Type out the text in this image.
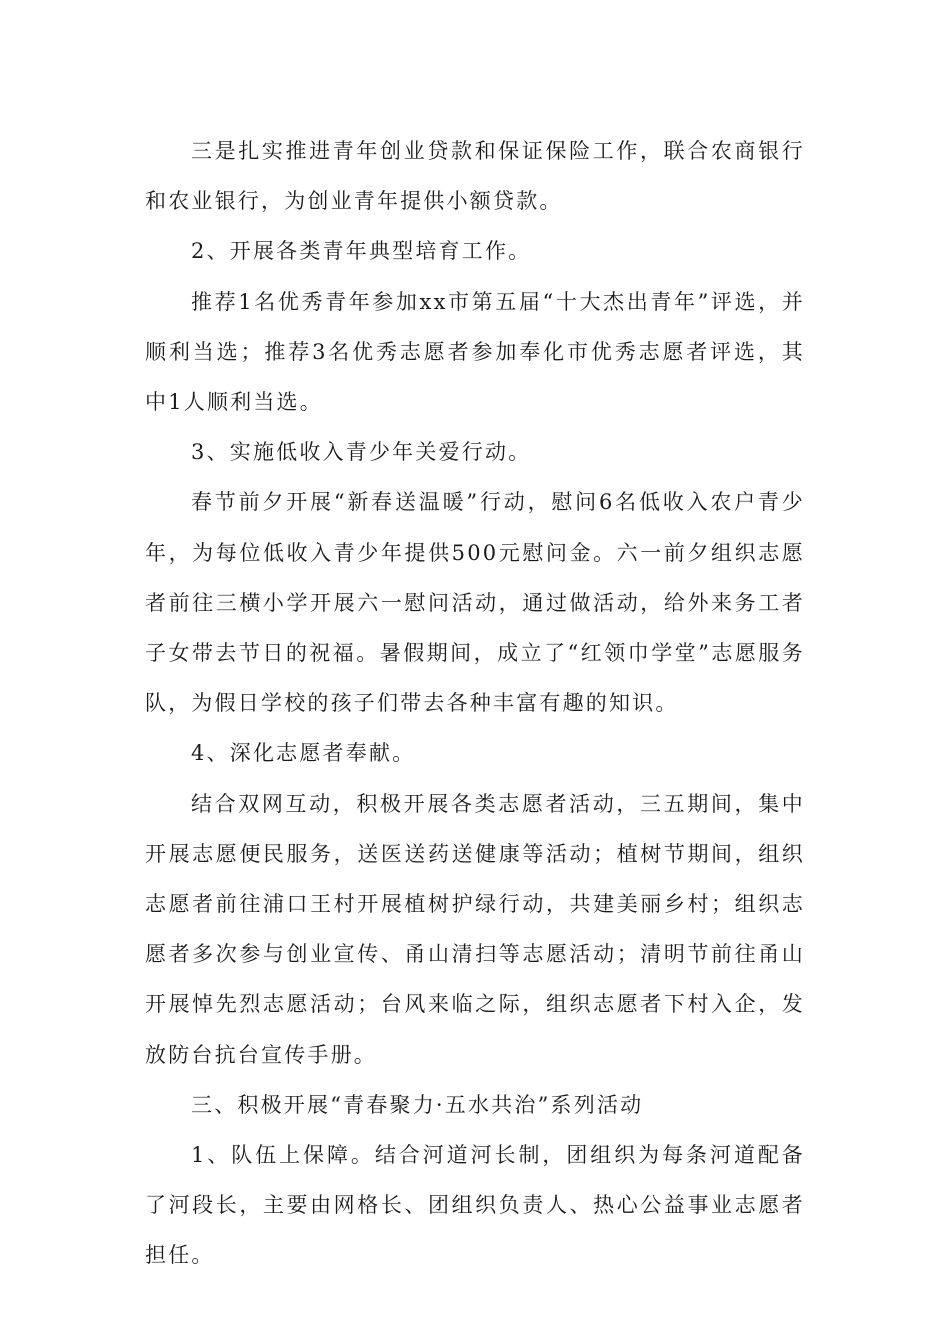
三是扎实推进青年创业贷款和保证保险工作，联合农商银行和农业银行，为创业青年提供小额贷款。

2、开展各类青年典型培育工作。

推荐1名优秀青年参加xx市第五届“十大杰出青年”评选，并顺利当选；推荐3名优秀志愿者参加奉化市优秀志愿者评选，其中1人顺利当选。

3、实施低收入青少年关爱行动。

春节前夕开展“新春送温暖”行动，慰问6名低收入农户青少年，为每位低收入青少年提供500元慰问金。六一前夕组织志愿者前往三横小学开展六一慰问活动，通过做活动，给外来务工者子女带去节日的祝福。暑假期间，成立了“红领巾学堂”志愿服务队，为假日学校的孩子们带去各种丰富有趣的知识。

4、深化志愿者奉献。

结合双网互动，积极开展各类志愿者活动，三五期间，集中开展志愿便民服务，送医送药送健康等活动；植树节期间，组织志愿者前往浦口王村开展植树护绿行动，共建美丽乡村；组织志愿者多次参与创业宣传、甬山清扫等志愿活动；清明节前往甬山开展悼先烈志愿活动；台风来临之际，组织志愿者下村入企，发放防台抗台宣传手册。

三、积极开展“青春聚力·五水共治”系列活动

1、队伍上保障。结合河道河长制，团组织为每条河道配备了河段长，主要由网格长、团组织负责人、热心公益事业志愿者担任。
